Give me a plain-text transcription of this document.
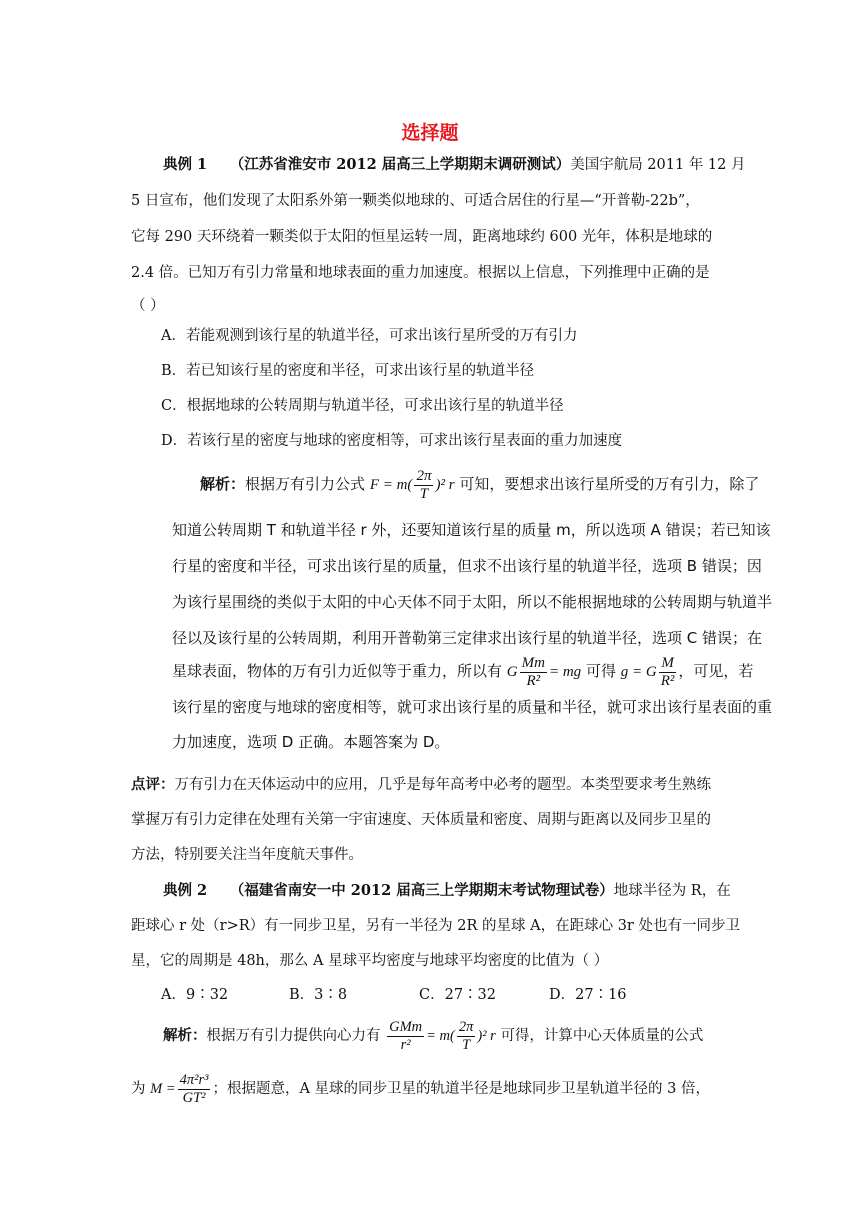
选择题
典例 1 （江苏省淮安市 2012 届高三上学期期末调研测试）美国宇航局 2011 年 12 月
5 日宣布，他们发现了太阳系外第一颗类似地球的、可适合居住的行星—“开普勒-22b”，
它每 290 天环绕着一颗类似于太阳的恒星运转一周，距离地球约 600 光年，体积是地球的
2.4 倍。已知万有引力常量和地球表面的重力加速度。根据以上信息，下列推理中正确的是
（ ）
A．若能观测到该行星的轨道半径，可求出该行星所受的万有引力
B．若已知该行星的密度和半径，可求出该行星的轨道半径
C．根据地球的公转周期与轨道半径，可求出该行星的轨道半径
D．若该行星的密度与地球的密度相等，可求出该行星表面的重力加速度
解析：根据万有引力公式 $F = m( \frac{2\pi}{T} )^2$ r 可知，要想求出该行星所受的万有引力，除了
知道公转周期 T 和轨道半径 r 外，还要知道该行星的质量 m，所以选项 A 错误；若已知该
行星的密度和半径，可求出该行星的质量，但求不出该行星的轨道半径，选项 B 错误；因
为该行星围绕的类似于太阳的中心天体不同于太阳，所以不能根据地球的公转周期与轨道半
径以及该行星的公转周期，利用开普勒第三定律求出该行星的轨道半径，选项 C 错误；在
星球表面，物体的万有引力近似等于重力，所以有 G $\frac{Mm}{\text{R²}}$ = mg 可得 g = G $\frac{M}{\text{R²}}$ ，可见，若
该行星的密度与地球的密度相等，就可求出该行星的质量和半径，就可求出该行星表面的重
力加速度，选项 D 正确。本题答案为 D。
点评：万有引力在天体运动中的应用，几乎是每年高考中必考的题型。本类型要求考生熟练
掌握万有引力定律在处理有关第一宇宙速度、天体质量和密度、周期与距离以及同步卫星的
方法，特别要关注当年度航天事件。
典例 2 （福建省南安一中 2012 届高三上学期期末考试物理试卷）地球半径为 R，在
距球心 r 处（r>R）有一同步卫星，另有一半径为 2R 的星球 A，在距球心 3r 处也有一同步卫
星，它的周期是 48h，那么 A 星球平均密度与地球平均密度的比值为（ ）
A．9∶32	B．3∶8	C．27∶32	D．27∶16
解析：根据万有引力提供向心力有 $\frac{\text{GMm}}{\text{r²}} = m( \frac{2\pi}{T} )^2$ r 可得，计算中心天体质量的公式
为 $M = \frac{\text{4π²r³}}{\text{GT²}}$ ；根据题意，A 星球的同步卫星的轨道半径是地球同步卫星轨道半径的 3 倍，
